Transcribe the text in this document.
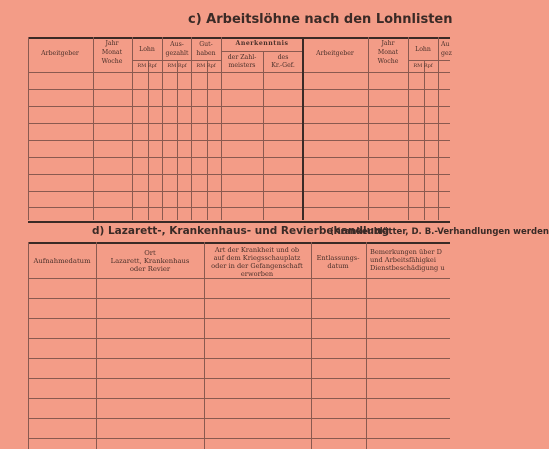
c) Arbeitslöhne nach den Lohnlisten
Arbeitgeber
Jahr
Monat
Woche
Lohn
Aus-
gezahlt
Gut-
haben
Anerkenntnis
der Zahl-
meisters
des
Kr.-Gef.
RM Rpf RM Rpf RM Rpf	RM Rpf
Arbeitgeber
Jahr
Monat
Woche
Lohn
Au
gez
d) Lazarett-, Krankenhaus- und Revierbehandlung
(Krankenblätter, D. B.-Verhandlungen werden
Aufnahmedatum
Ort
Lazarett, Krankenhaus
oder Revier
Art der Krankheit und ob
auf dem Kriegsschauplatz
oder in der Gefangenschaft
erworben
Entlassungs-
datum
Bemerkungen über D
und Arbeitsfähigkei
Dienstbeschädigung u
